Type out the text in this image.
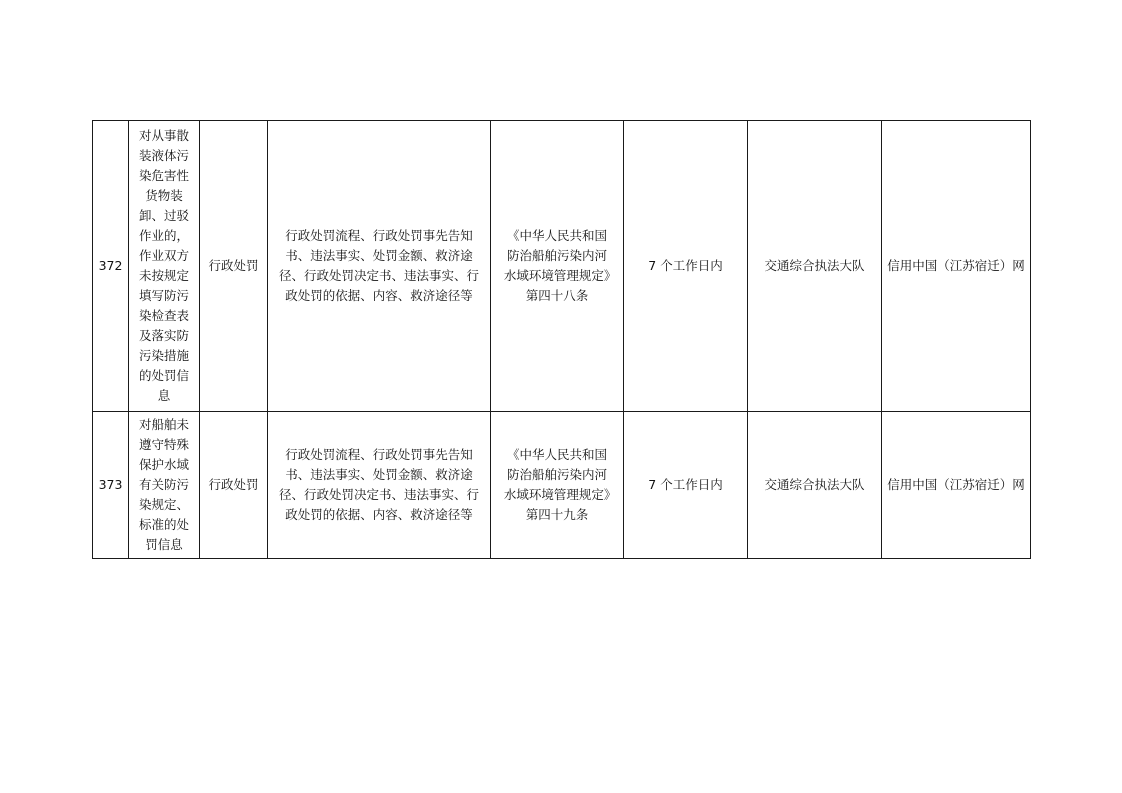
372	对从事散装液体污染危害性货物装卸、过驳作业的，作业双方未按规定填写防污染检查表及落实防污染措施的处罚信息	行政处罚	行政处罚流程、行政处罚事先告知书、违法事实、处罚金额、救济途径、行政处罚决定书、违法事实、行政处罚的依据、内容、救济途径等	《中华人民共和国防治船舶污染内河水域环境管理规定》第四十八条	7 个工作日内	交通综合执法大队	信用中国（江苏宿迁）网
373	对船舶未遵守特殊保护水域有关防污染规定、标准的处罚信息	行政处罚	行政处罚流程、行政处罚事先告知书、违法事实、处罚金额、救济途径、行政处罚决定书、违法事实、行政处罚的依据、内容、救济途径等	《中华人民共和国防治船舶污染内河水域环境管理规定》第四十九条	7 个工作日内	交通综合执法大队	信用中国（江苏宿迁）网
